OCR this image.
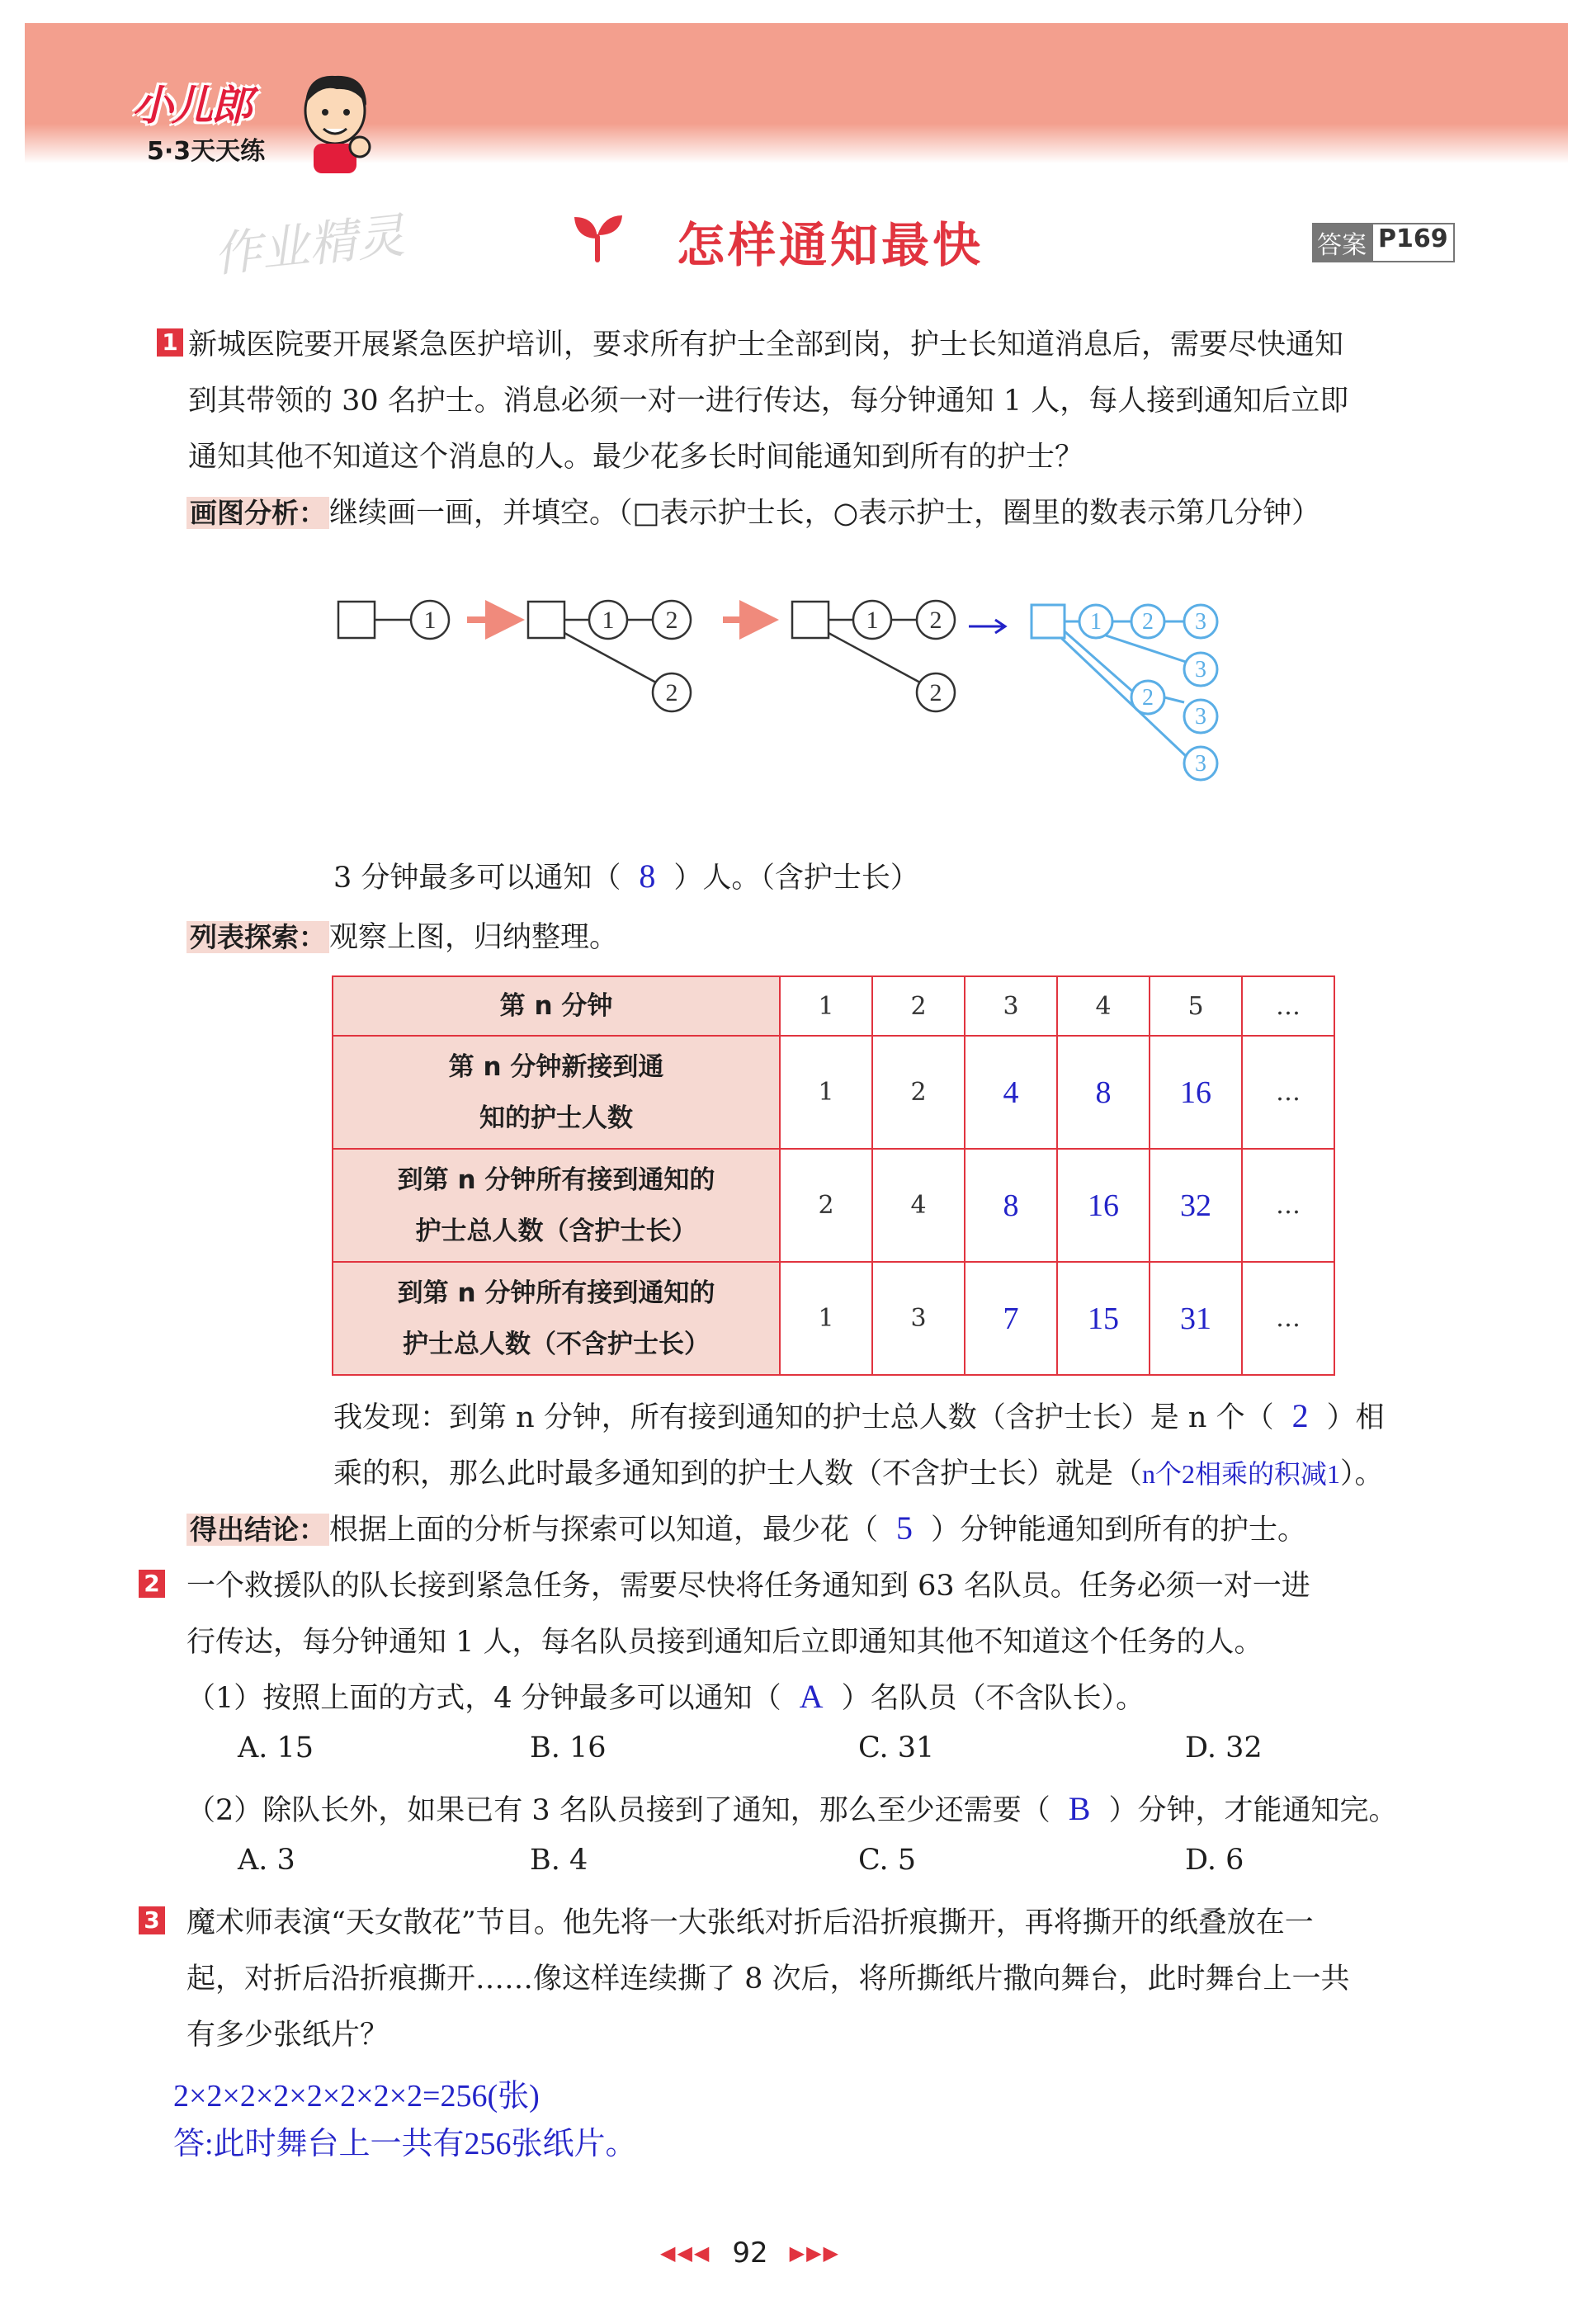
小儿郎
5·3天天练
作业精灵	怎样通知最快	答案 P169
1 新城医院要开展紧急医护培训，要求所有护士全部到岗，护士长知道消息后，需要尽快通知
到其带领的 30 名护士。消息必须一对一进行传达，每分钟通知 1 人，每人接到通知后立即
通知其他不知道这个消息的人。最少花多长时间能通知到所有的护士？
画图分析： 继续画一画，并填空。（□表示护士长，○表示护士，圈里的数表示第几分钟）
1	1 2
2
1 2
2
1 2 3
3
2
3
3
3 分钟最多可以通知（ 8 ）人。（含护士长）
列表探索： 观察上图，归纳整理。
第 n 分钟	1	2	3	4	5	…

第 n 分钟新接到通
知的护士人数	1	2	4	8	16	…

到第 n 分钟所有接到通知的
护士总人数（含护士长）	2	4	8	16	32	…

到第 n 分钟所有接到通知的
护士总人数（不含护士长）	1	3	7	15	31	…
我发现：到第 n 分钟，所有接到通知的护士总人数（含护士长）是 n 个（ 2 ）相
乘的积，那么此时最多通知到的护士人数（不含护士长）就是（n个2相乘的积减1）。
得出结论： 根据上面的分析与探索可以知道，最少花（ 5 ）分钟能通知到所有的护士。
2 一个救援队的队长接到紧急任务，需要尽快将任务通知到 63 名队员。任务必须一对一进
行传达，每分钟通知 1 人，每名队员接到通知后立即通知其他不知道这个任务的人。
（1）按照上面的方式，4 分钟最多可以通知（ A ）名队员（不含队长）。
A. 15	B. 16	C. 31	D. 32
（2）除队长外，如果已有 3 名队员接到了通知，那么至少还需要（ B ）分钟，才能通知完。
A. 3	B. 4	C. 5	D. 6
3 魔术师表演“天女散花”节目。他先将一大张纸对折后沿折痕撕开，再将撕开的纸叠放在一
起，对折后沿折痕撕开……像这样连续撕了 8 次后，将所撕纸片撒向舞台，此时舞台上一共
有多少张纸片？
2×2×2×2×2×2×2×2=256(张)
答:此时舞台上一共有256张纸片。
◀◀◀ 92 ▶▶▶
